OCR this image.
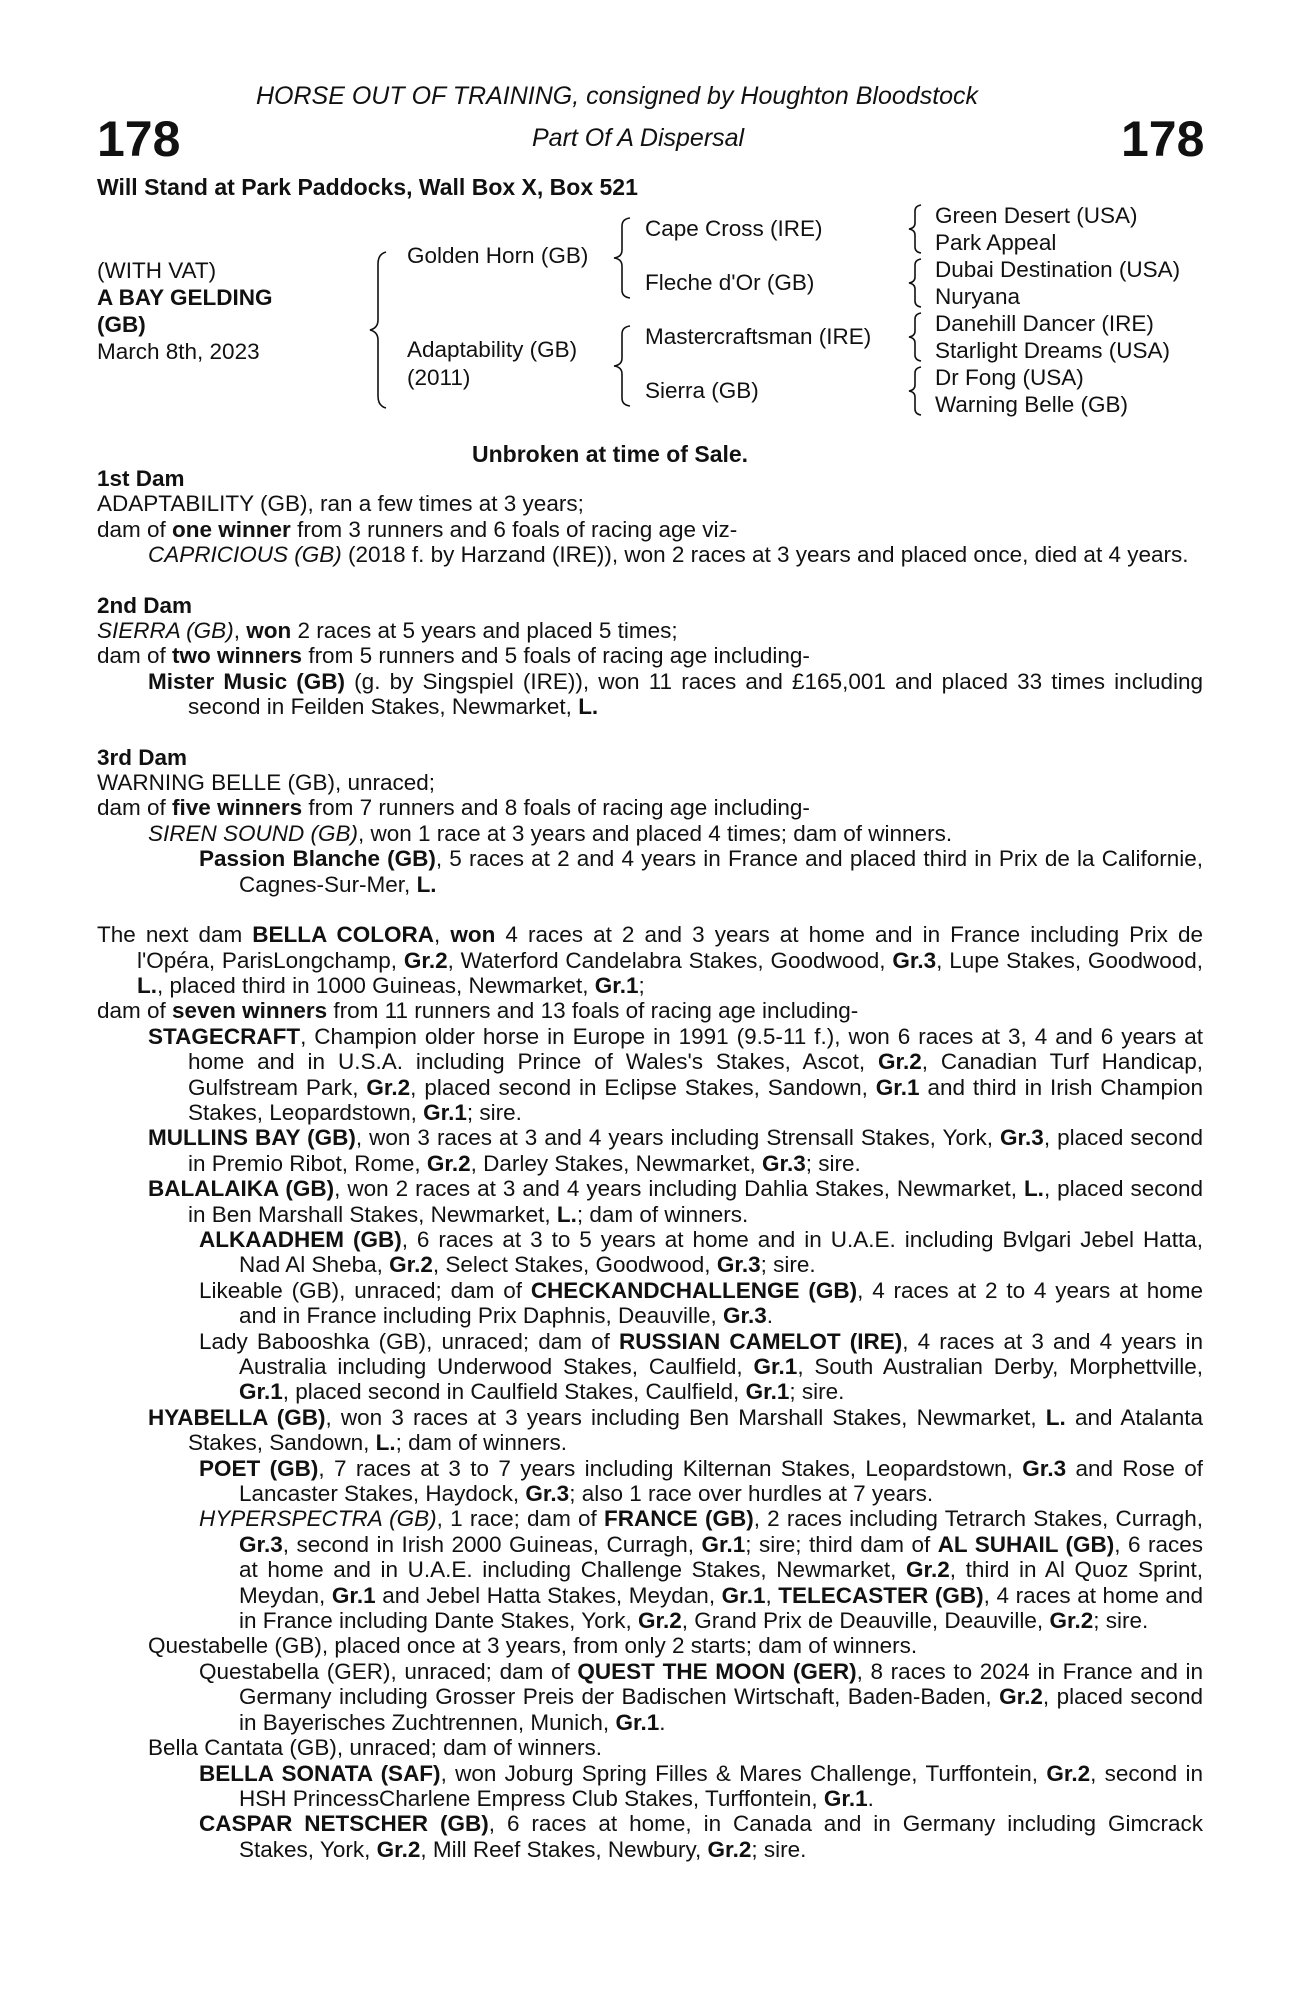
HORSE OUT OF TRAINING, consigned by Houghton Bloodstock
178	Part Of A Dispersal	178
Will Stand at Park Paddocks, Wall Box X, Box 521
(WITH VAT)
A BAY GELDING
(GB)
March 8th, 2023
Golden Horn (GB)
Adaptability (GB)
(2011)
Cape Cross (IRE)
Fleche d'Or (GB)
Mastercraftsman (IRE)
Sierra (GB)
Green Desert (USA)
Park Appeal
Dubai Destination (USA)
Nuryana
Danehill Dancer (IRE)
Starlight Dreams (USA)
Dr Fong (USA)
Warning Belle (GB)
Unbroken at time of Sale.
1st Dam
ADAPTABILITY (GB), ran a few times at 3 years;
dam of one winner from 3 runners and 6 foals of racing age viz-
CAPRICIOUS (GB) (2018 f. by Harzand (IRE)), won 2 races at 3 years and placed once, died at 4 years.
2nd Dam
SIERRA (GB), won 2 races at 5 years and placed 5 times;
dam of two winners from 5 runners and 5 foals of racing age including-
Mister Music (GB) (g. by Singspiel (IRE)), won 11 races and £165,001 and placed 33 times including second in Feilden Stakes, Newmarket, L.
3rd Dam
WARNING BELLE (GB), unraced;
dam of five winners from 7 runners and 8 foals of racing age including-
SIREN SOUND (GB), won 1 race at 3 years and placed 4 times; dam of winners.
Passion Blanche (GB), 5 races at 2 and 4 years in France and placed third in Prix de la Californie, Cagnes-Sur-Mer, L.
The next dam BELLA COLORA, won 4 races at 2 and 3 years at home and in France including Prix de l'Opéra, ParisLongchamp, Gr.2, Waterford Candelabra Stakes, Goodwood, Gr.3, Lupe Stakes, Goodwood, L., placed third in 1000 Guineas, Newmarket, Gr.1;
dam of seven winners from 11 runners and 13 foals of racing age including-
STAGECRAFT, Champion older horse in Europe in 1991 (9.5-11 f.), won 6 races at 3, 4 and 6 years at home and in U.S.A. including Prince of Wales's Stakes, Ascot, Gr.2, Canadian Turf Handicap, Gulfstream Park, Gr.2, placed second in Eclipse Stakes, Sandown, Gr.1 and third in Irish Champion Stakes, Leopardstown, Gr.1; sire.
MULLINS BAY (GB), won 3 races at 3 and 4 years including Strensall Stakes, York, Gr.3, placed second in Premio Ribot, Rome, Gr.2, Darley Stakes, Newmarket, Gr.3; sire.
BALALAIKA (GB), won 2 races at 3 and 4 years including Dahlia Stakes, Newmarket, L., placed second in Ben Marshall Stakes, Newmarket, L.; dam of winners.
ALKAADHEM (GB), 6 races at 3 to 5 years at home and in U.A.E. including Bvlgari Jebel Hatta, Nad Al Sheba, Gr.2, Select Stakes, Goodwood, Gr.3; sire.
Likeable (GB), unraced; dam of CHECKANDCHALLENGE (GB), 4 races at 2 to 4 years at home and in France including Prix Daphnis, Deauville, Gr.3.
Lady Babooshka (GB), unraced; dam of RUSSIAN CAMELOT (IRE), 4 races at 3 and 4 years in Australia including Underwood Stakes, Caulfield, Gr.1, South Australian Derby, Morphettville, Gr.1, placed second in Caulfield Stakes, Caulfield, Gr.1; sire.
HYABELLA (GB), won 3 races at 3 years including Ben Marshall Stakes, Newmarket, L. and Atalanta Stakes, Sandown, L.; dam of winners.
POET (GB), 7 races at 3 to 7 years including Kilternan Stakes, Leopardstown, Gr.3 and Rose of Lancaster Stakes, Haydock, Gr.3; also 1 race over hurdles at 7 years.
HYPERSPECTRA (GB), 1 race; dam of FRANCE (GB), 2 races including Tetrarch Stakes, Curragh, Gr.3, second in Irish 2000 Guineas, Curragh, Gr.1; sire; third dam of AL SUHAIL (GB), 6 races at home and in U.A.E. including Challenge Stakes, Newmarket, Gr.2, third in Al Quoz Sprint, Meydan, Gr.1 and Jebel Hatta Stakes, Meydan, Gr.1, TELECASTER (GB), 4 races at home and in France including Dante Stakes, York, Gr.2, Grand Prix de Deauville, Deauville, Gr.2; sire.
Questabelle (GB), placed once at 3 years, from only 2 starts; dam of winners.
Questabella (GER), unraced; dam of QUEST THE MOON (GER), 8 races to 2024 in France and in Germany including Grosser Preis der Badischen Wirtschaft, Baden-Baden, Gr.2, placed second in Bayerisches Zuchtrennen, Munich, Gr.1.
Bella Cantata (GB), unraced; dam of winners.
BELLA SONATA (SAF), won Joburg Spring Filles & Mares Challenge, Turffontein, Gr.2, second in HSH PrincessCharlene Empress Club Stakes, Turffontein, Gr.1.
CASPAR NETSCHER (GB), 6 races at home, in Canada and in Germany including Gimcrack Stakes, York, Gr.2, Mill Reef Stakes, Newbury, Gr.2; sire.
